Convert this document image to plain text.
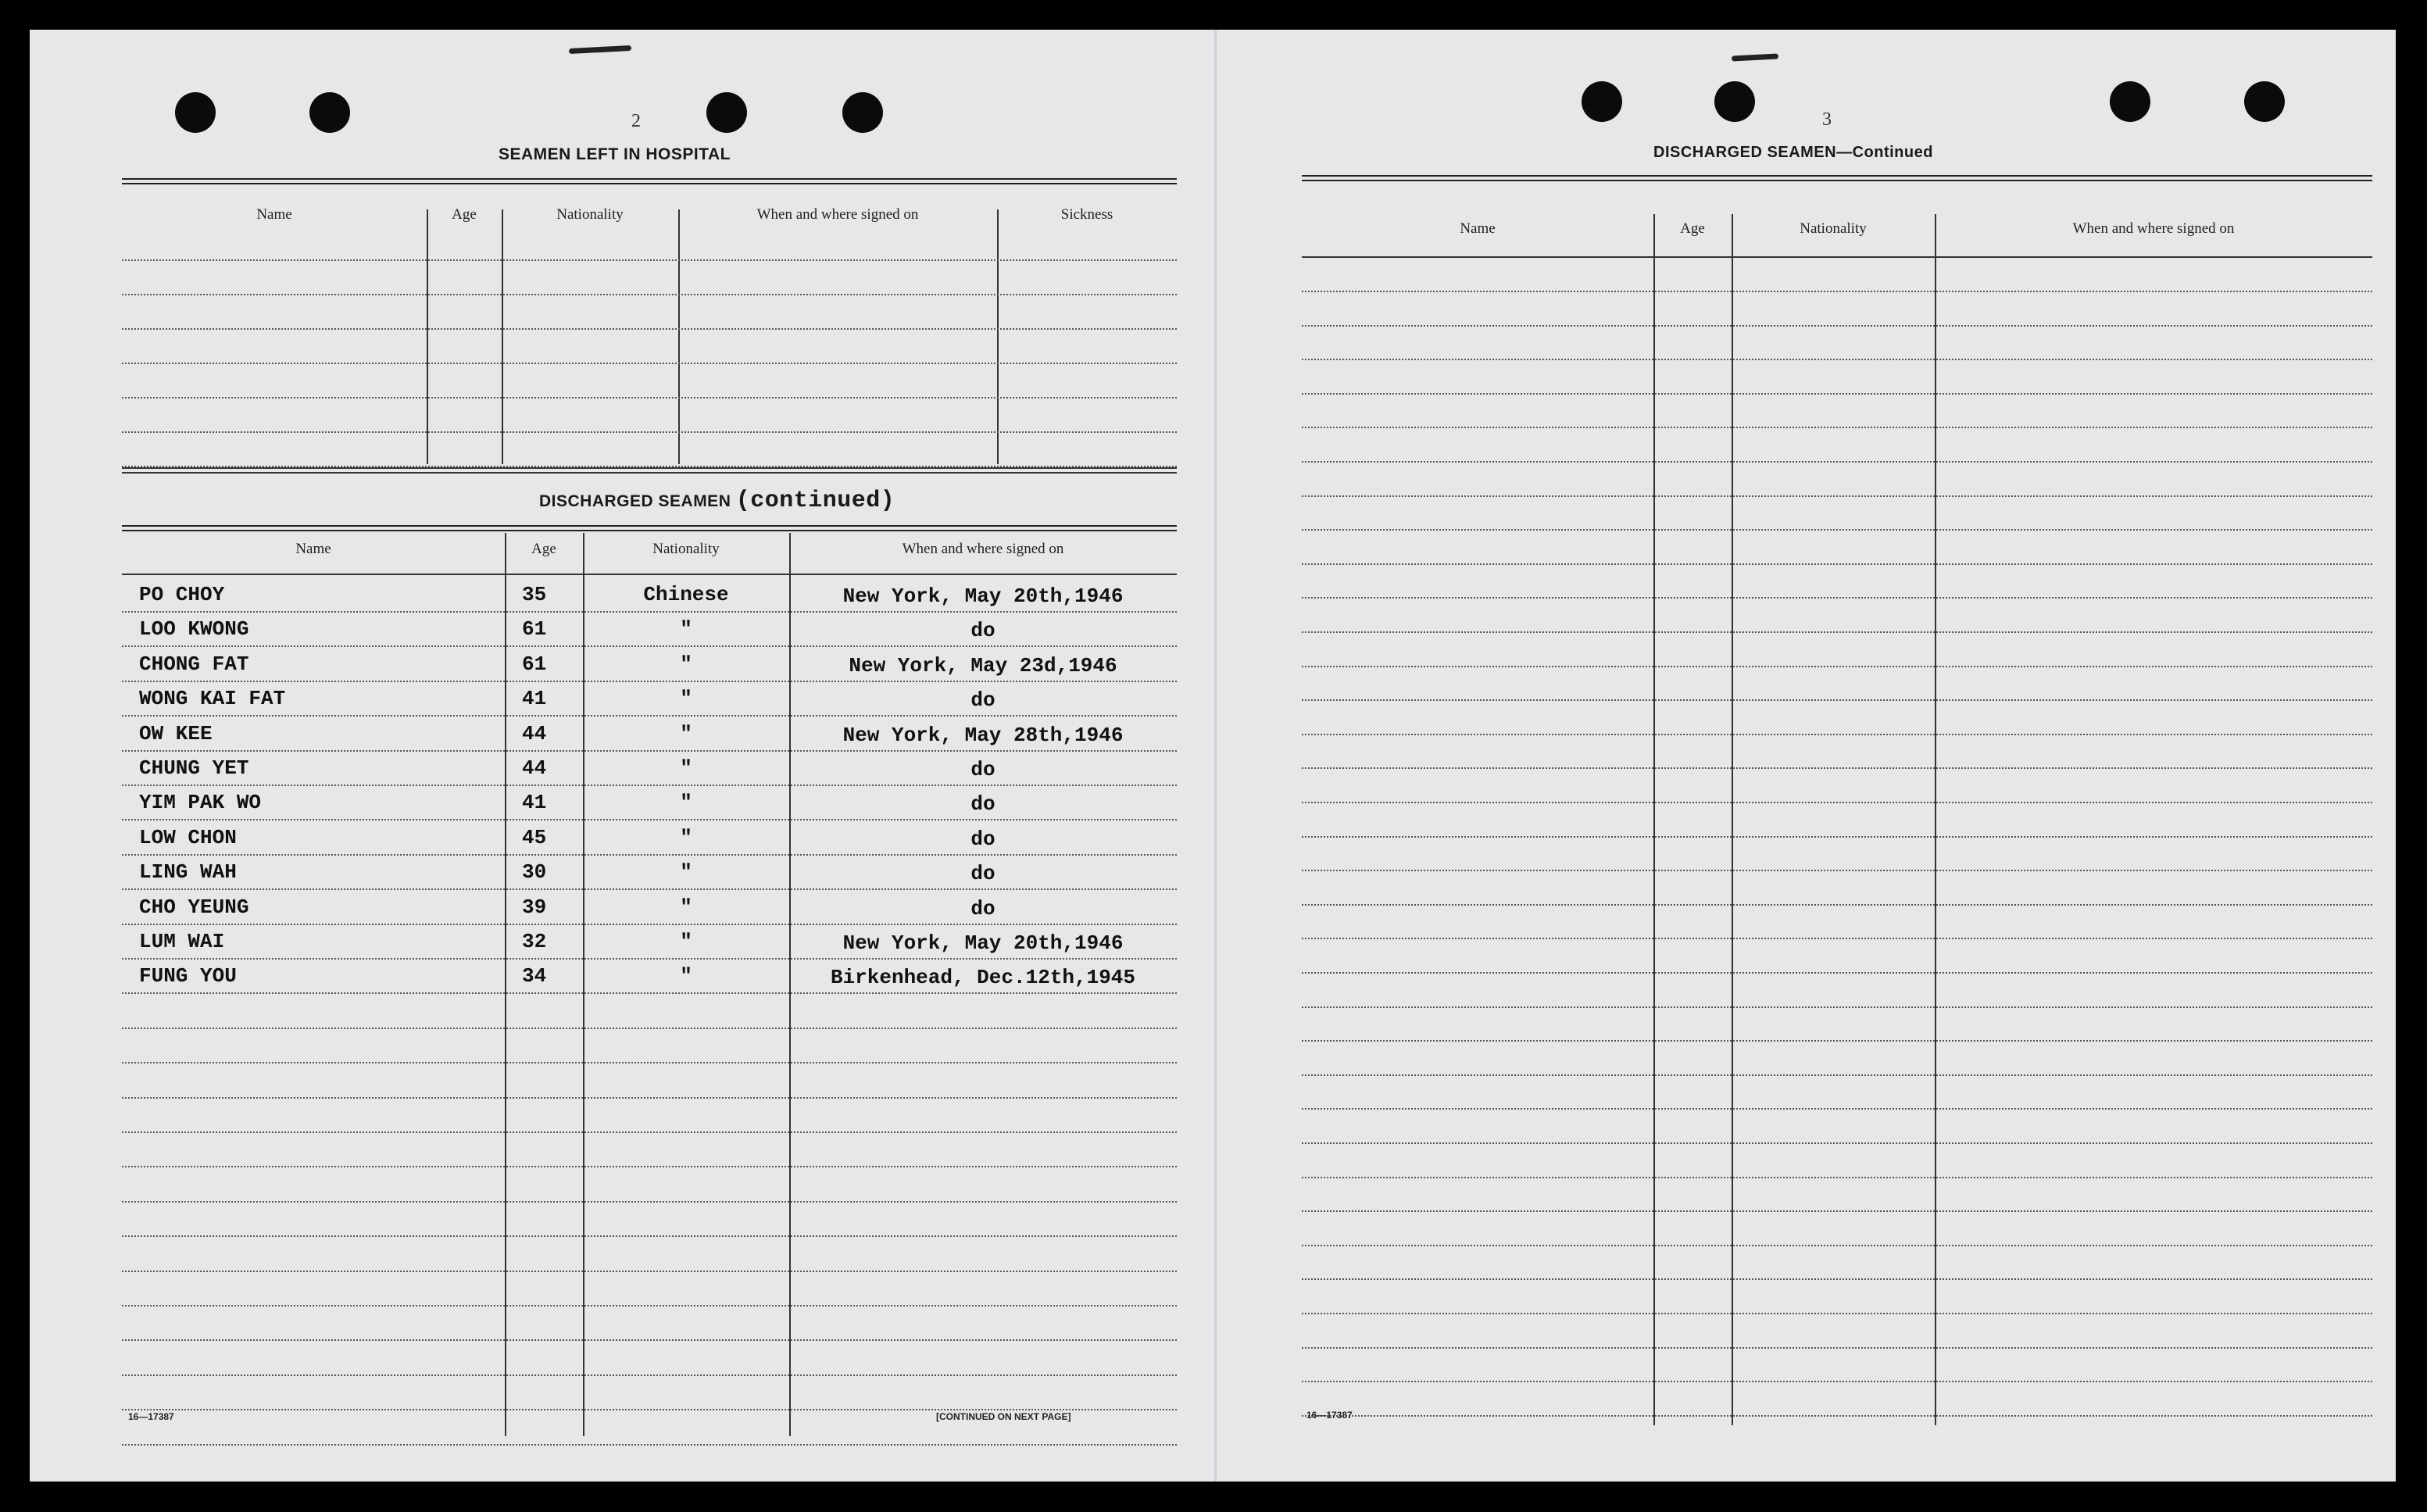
2
SEAMEN LEFT IN HOSPITAL
Name	Age	Nationality	When and where signed on	Sickness
DISCHARGED SEAMEN (continued)
Name	Age	Nationality	When and where signed on
PO CHOY	35	Chinese	New York, May 20th,1946
LOO KWONG	61	"	do
CHONG FAT	61	"	New York, May 23d,1946
WONG KAI FAT	41	"	do
OW KEE	44	"	New York, May 28th,1946
CHUNG YET	44	"	do
YIM PAK WO	41	"	do
LOW CHON	45	"	do
LING WAH	30	"	do
CHO YEUNG	39	"	do
LUM WAI	32	"	New York, May 20th,1946
FUNG YOU	34	"	Birkenhead, Dec.12th,1945
16—17387	[CONTINUED ON NEXT PAGE]
3
DISCHARGED SEAMEN—Continued
Name	Age	Nationality	When and where signed on
16—17387
